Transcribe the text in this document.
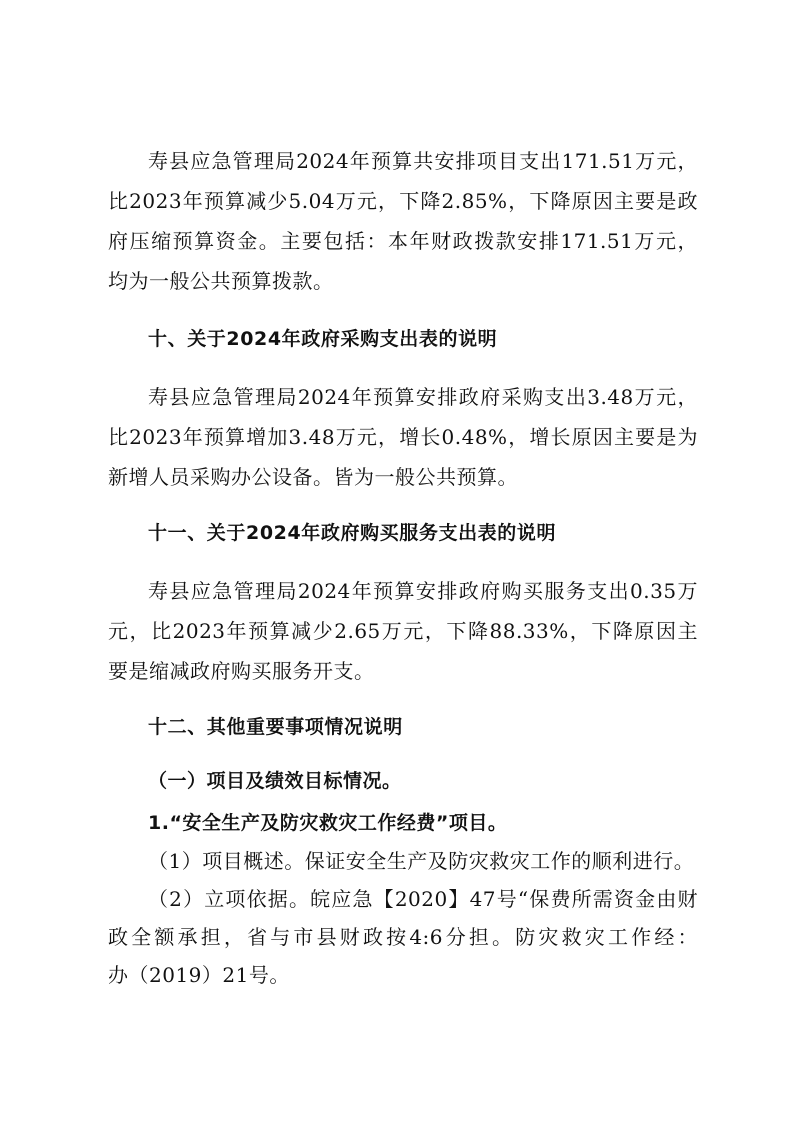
寿县应急管理局2024年预算共安排项目支出171.51万元，
比2023年预算减少5.04万元，下降2.85%，下降原因主要是政
府压缩预算资金。主要包括：本年财政拨款安排171.51万元，
均为一般公共预算拨款。
十、关于2024年政府采购支出表的说明
寿县应急管理局2024年预算安排政府采购支出3.48万元，
比2023年预算增加3.48万元，增长0.48%，增长原因主要是为
新增人员采购办公设备。皆为一般公共预算。
十一、关于2024年政府购买服务支出表的说明
寿县应急管理局2024年预算安排政府购买服务支出0.35万
元，比2023年预算减少2.65万元，下降88.33%，下降原因主
要是缩减政府购买服务开支。
十二、其他重要事项情况说明
（一）项目及绩效目标情况。
1.“安全生产及防灾救灾工作经费”项目。
（1）项目概述。保证安全生产及防灾救灾工作的顺利进行。
（2）立项依据。皖应急【2020】47号“保费所需资金由财
政全额承担，省与市县财政按4:6分担。防灾救灾工作经：
办（2019）21号。
